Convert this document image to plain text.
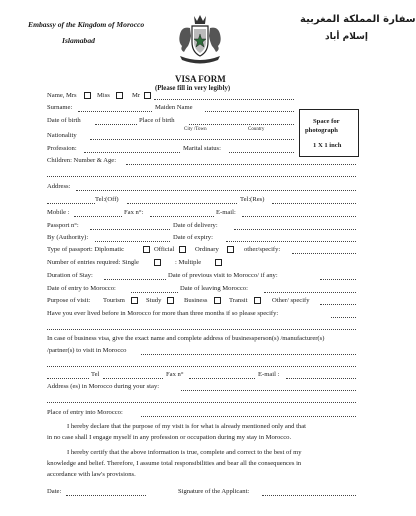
Embassy of the Kingdom of Morocco
Islamabad
سفارة المملكة المغربية
إسلام أباد
VISA FORM
(Please fill in very legibly)
Space for
photograph
1 X 1 inch
Name, Mrs	Miss	Mr
Surname:	Maiden Name
Date of birth	Place of birth
City /Town	Country
Nationality
Profession:	Marital status:
Children: Number & Age:
Address:
Tel:(Off)	Tel:(Res)
Mobile :	Fax n°:	E-mail:
Passport n°:	Date of delivery:
By (Authority):	Date of expiry:
Type of passport: Diplomatic	Official	Ordinary	other/specify:
Number of entries required: Single	: Multiple
Duration of Stay:	Date of previous visit to Morocco/ if any:
Date of entry to Morocco:	Date of leaving Morocco:
Purpose of visit: Tourism	Study	Business	Transit	Other/ specify
Have you ever lived before in Morocco for more than three months if so please specify:
In case of business visa, give the exact name and complete address of businessperson(s) /manufacturer(s)
/partner(s) to visit in Morocco
Tel	Fax n°	E-mail :
Address (es) in Morocco during your stay:
Place of entry into Morocco:
I hereby declare that the purpose of my visit is for what is already mentioned only and that
in no case shall I engage myself in any profession or occupation during my stay in Morocco.
I hereby certify that the above information is true, complete and correct to the best of my
knowledge and belief. Therefore, I assume total responsibilities and bear all the consequences in
accordance with law's provisions.
Date:	Signature of the Applicant:
